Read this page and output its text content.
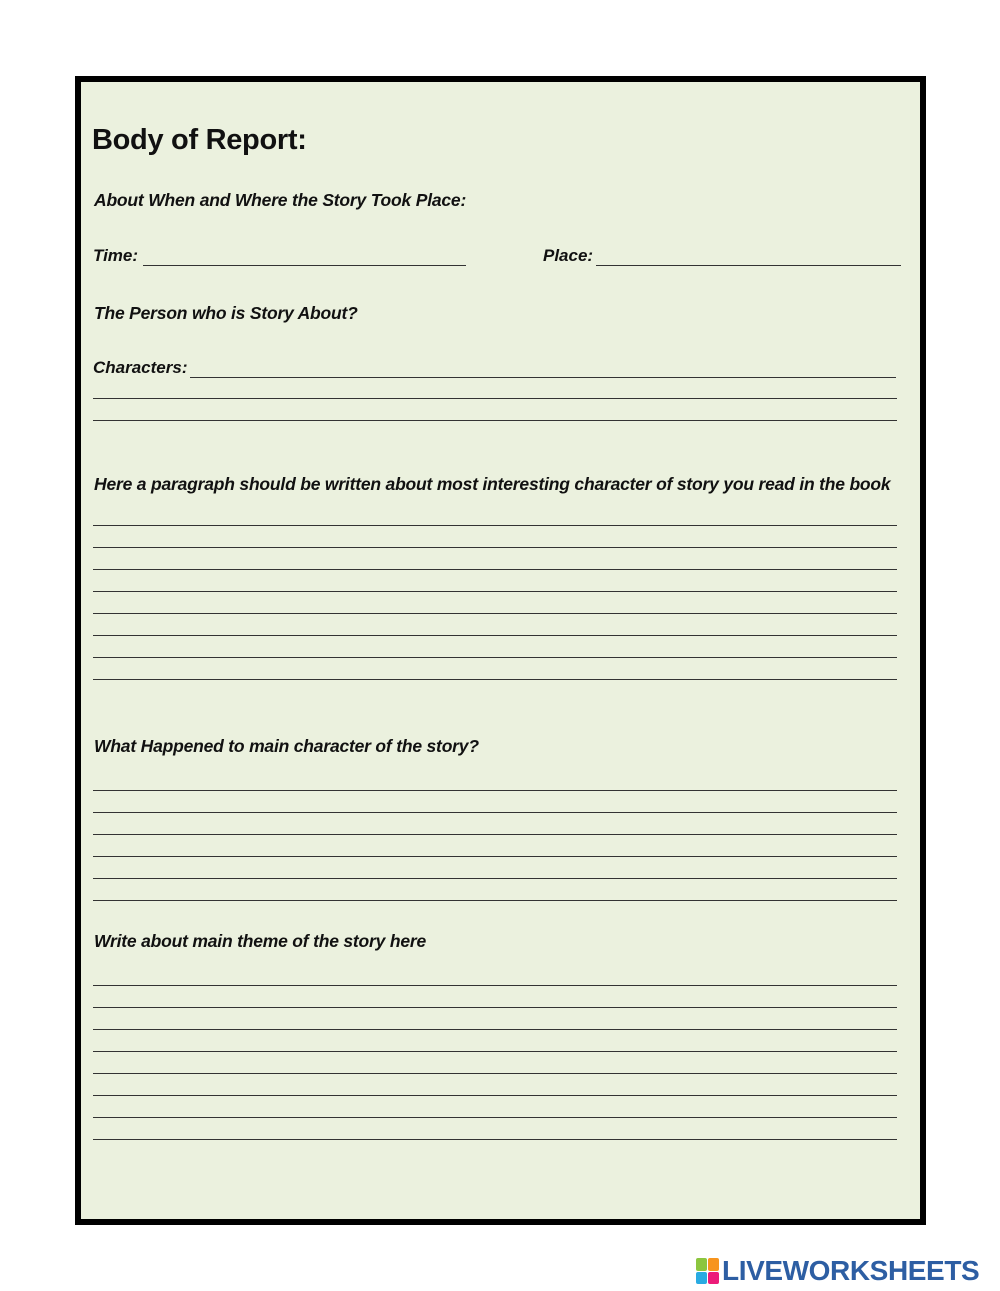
Body of Report:
About When and Where the Story Took Place:
Time:	Place:
The Person who is Story About?
Characters:
Here a paragraph should be written about most interesting character of story you read in the book
What Happened to main character of the story?
Write about main theme of the story here
LIVEWORKSHEETS
